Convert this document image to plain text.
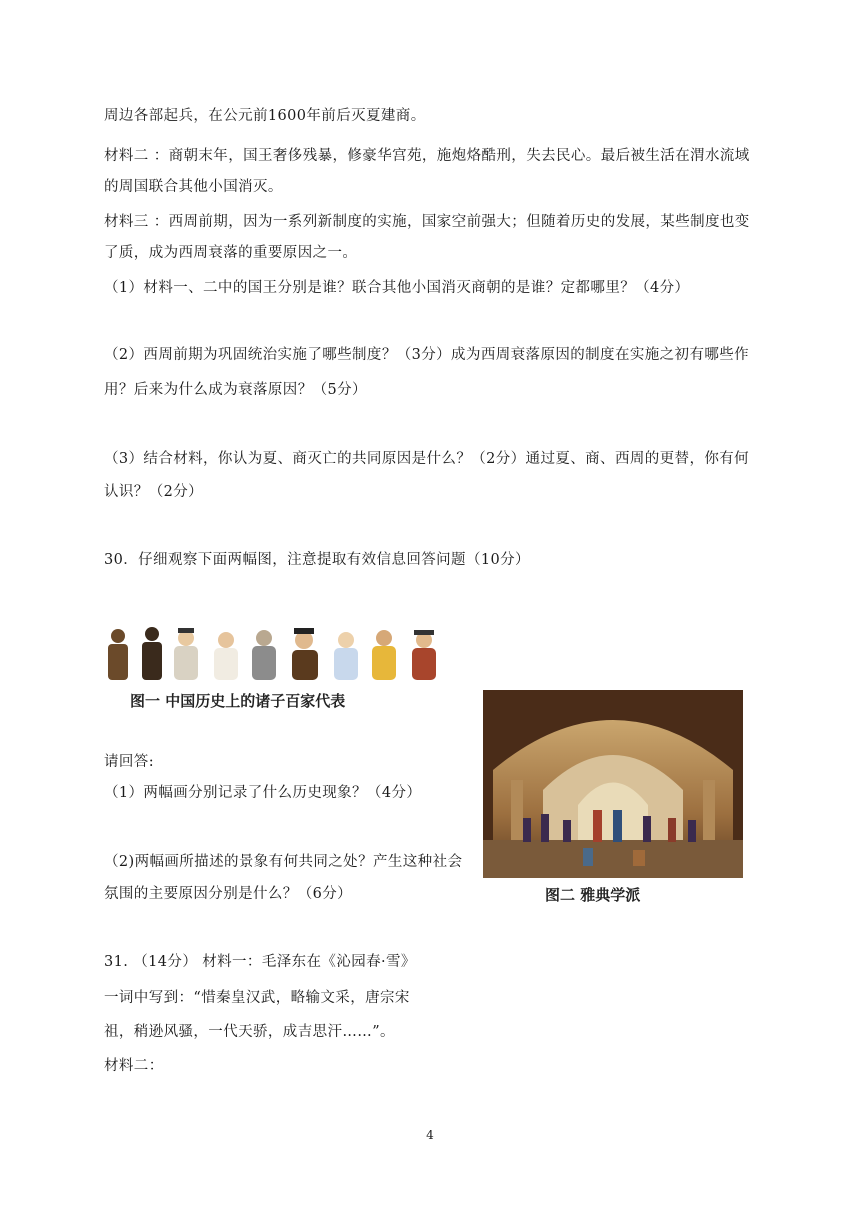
周边各部起兵，在公元前1600年前后灭夏建商。
材料二 ：商朝末年，国王奢侈残暴，修豪华宫苑，施炮烙酷刑，失去民心。最后被生活在渭水流域
的周国联合其他小国消灭。
材料三 ：西周前期，因为一系列新制度的实施，国家空前强大；但随着历史的发展，某些制度也变
了质，成为西周衰落的重要原因之一。
（1）材料一、二中的国王分别是谁？联合其他小国消灭商朝的是谁？定都哪里？（4分）
（2）西周前期为巩固统治实施了哪些制度？（3分）成为西周衰落原因的制度在实施之初有哪些作
用？后来为什么成为衰落原因？（5分）
（3）结合材料，你认为夏、商灭亡的共同原因是什么？（2分）通过夏、商、西周的更替，你有何
认识？（2分）
30．仔细观察下面两幅图，注意提取有效信息回答问题（10分）
图一 中国历史上的诸子百家代表
图二 雅典学派
请回答:
（1）两幅画分别记录了什么历史现象？（4分）
（2)两幅画所描述的景象有何共同之处？产生这种社会
氛围的主要原因分别是什么？（6分）
31. （14分） 材料一：毛泽东在《沁园春·雪》
一词中写到：“惜秦皇汉武，略输文采，唐宗宋
祖，稍逊风骚，一代天骄，成吉思汗……”。
材料二：
4
